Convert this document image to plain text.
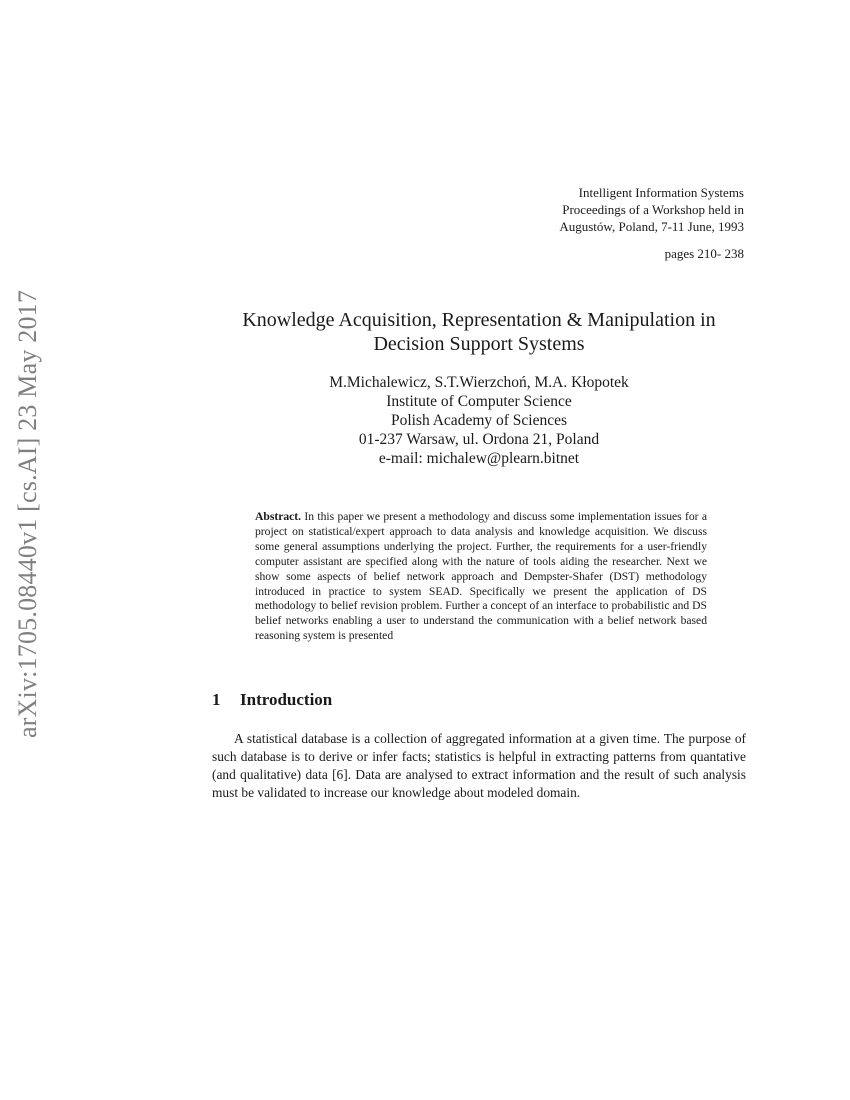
arXiv:1705.08440v1 [cs.AI] 23 May 2017
Intelligent Information Systems
Proceedings of a Workshop held in
Augustów, Poland, 7-11 June, 1993
pages 210- 238
Knowledge Acquisition, Representation & Manipulation in
Decision Support Systems
M.Michalewicz, S.T.Wierzchoń, M.A. Kłopotek
Institute of Computer Science
Polish Academy of Sciences
01-237 Warsaw, ul. Ordona 21, Poland
e-mail: michalew@plearn.bitnet
Abstract. In this paper we present a methodology and discuss some implementation issues for a project on statistical/expert approach to data analysis and knowledge acquisition. We discuss some general assumptions underlying the project. Further, the requirements for a user-friendly computer assistant are specified along with the nature of tools aiding the researcher. Next we show some aspects of belief network approach and Dempster-Shafer (DST) methodology introduced in practice to system SEAD. Specifically we present the application of DS methodology to belief revision problem. Further a concept of an interface to probabilistic and DS belief networks enabling a user to understand the communication with a belief network based reasoning system is presented
1 Introduction
A statistical database is a collection of aggregated information at a given time. The purpose of such database is to derive or infer facts; statistics is helpful in extracting patterns from quantative (and qualitative) data [6]. Data are analysed to extract information and the result of such analysis must be validated to increase our knowledge about modeled domain.
